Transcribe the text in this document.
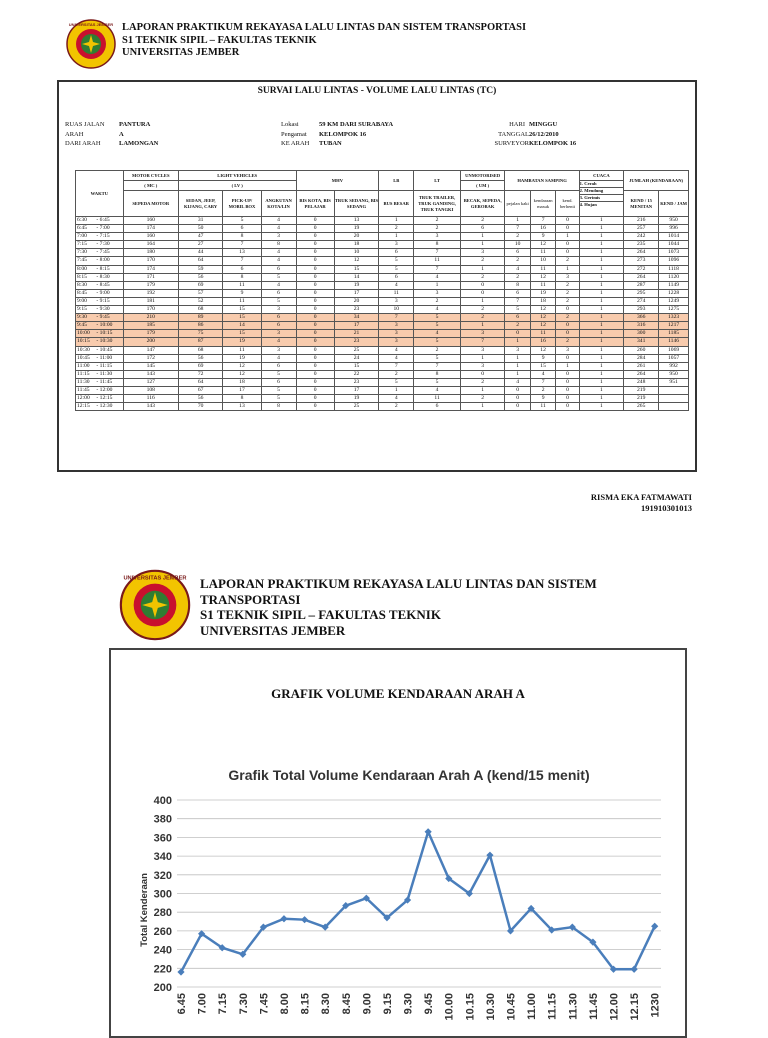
UNIVERSITAS JEMBER LAPORAN PRAKTIKUM REKAYASA LALU LINTAS DAN SISTEM TRANSPORTASI
S1 TEKNIK SIPIL – FAKULTAS TEKNIK
UNIVERSITAS JEMBER
SURVAI LALU LINTAS - VOLUME LALU LINTAS (TC)
RUAS JALAN PANTURA
ARAH	A
DARI ARAH	LAMONGAN
Lokasi	59 KM DARI SURABAYA
Pengamat KELOMPOK 16
KE ARAH TUBAN
HARI MINGGU
TANGGAL26/12/2010
SURVEYORKELOMPOK 16
WAKTU	MOTOR CYCLES	LIGHT VEHICLES			MHV		LB	LT	UNMOTORISED	HAMBATAN SAMPING			CUACA	JUMLAH (KENDARAAN)	
	( MC )	( LV )							( UM )				1. Cerah
2. Mendung
3. Gerimis
4. Hujan		

	SEPEDA MOTOR	SEDAN, JEEP, KIJANG, CARY	PICK-UP/ MOBIL BOX	ANGKUTAN KOTA/LIN	BIS KOTA, BIS PELAJAR	TRUK SEDANG, BIS SEDANG	BUS BESAR	TRUK TRAILER, TRUK GANDING, TRUK TANGKI	BECAK, SEPEDA, GEROBAK	pejalan kaki	kendaraan masuk	kend. berhenti		KEND / 15 MENITAN	KEND / JAM
6:30 - 6:45	160	31	5	4	0	13	1	2	2	1	7	0	1	216	950
6:45 - 7:00	174	50	6	4	0	19	2	2	6	7	16	0	1	257	996
7:00 - 7:15	160	47	8	3	0	20	1	3	1	2	9	1	1	242	1014
7:15 - 7:30	164	27	7	8	0	18	3	8	1	10	12	0	1	235	1044
7:30 - 7:45	180	44	13	4	0	10	6	7	3	6	11	0	1	264	1073
7:45 - 8:00	170	64	7	4	0	12	5	11	2	2	10	2	1	273	1096
8:00 - 8:15	174	59	6	6	0	15	5	7	1	4	11	1	1	272	1118
8:15 - 8:30	171	56	8	5	0	14	6	4	2	2	12	3	1	264	1120
8:30 - 8:45	179	69	11	4	0	19	4	1	0	8	11	2	1	287	1149
8:45 - 9:00	192	57	9	6	0	17	11	3	0	6	19	2	1	295	1228
9:00 - 9:15	181	52	11	5	0	20	3	2	1	7	18	2	1	274	1249
9:15 - 9:30	170	68	15	3	0	23	10	4	2	5	12	0	1	293	1275
9:30 - 9:45	210	89	15	6	0	34	7	5	2	6	12	2	1	366	1323
9:45 - 10:00	185	86	14	6	0	17	3	5	1	2	12	0	1	316	1217
10:00 - 10:15	179	75	15	3	0	21	3	4	3	0	11	0	1	300	1185
10:15 - 10:30	200	87	19	4	0	23	3	5	7	1	16	2	1	341	1146
10:30 - 10:45	147	68	11	3	0	25	4	2	3	3	12	3	1	260	1069
10:45 - 11:00	172	56	19	4	0	24	4	5	1	1	9	0	1	284	1057
11:00 - 11:15	145	69	12	6	0	15	7	7	3	1	15	1	1	261	992
11:15 - 11:30	143	72	12	5	0	22	2	8	0	1	4	0	1	264	950
11:30 - 11:45	127	64	18	6	0	23	5	5	2	4	7	0	1	248	951
11:45 - 12:00	108	67	17	5	0	17	1	4	1	0	2	0	1	219	
12:00 - 12:15	116	56	8	5	0	19	4	11	2	0	9	0	1	219	
12:15 - 12:30	143	70	13	8	0	25	2	6	1	0	11	0	1	265	
RISMA EKA FATMAWATI
191910301013
UNIVERSITAS JEMBER LAPORAN PRAKTIKUM REKAYASA LALU LINTAS DAN SISTEM
TRANSPORTASI
S1 TEKNIK SIPIL – FAKULTAS TEKNIK
UNIVERSITAS JEMBER
GRAFIK VOLUME KENDARAAN ARAH A
Grafik Total Volume Kendaraan Arah A (kend/15 menit)
Total Kenderaan
200
220
240
260
280
300
320
340
360
380
400
6.45 7.00 7.15 7.30 7.45 8.00 8.15 8.30 8.45 9.00 9.15 9.30 9.45 10.00 10.15 10.30 10.45 11.00 11.15 11.30 11.45 12.00 12.15 1230
